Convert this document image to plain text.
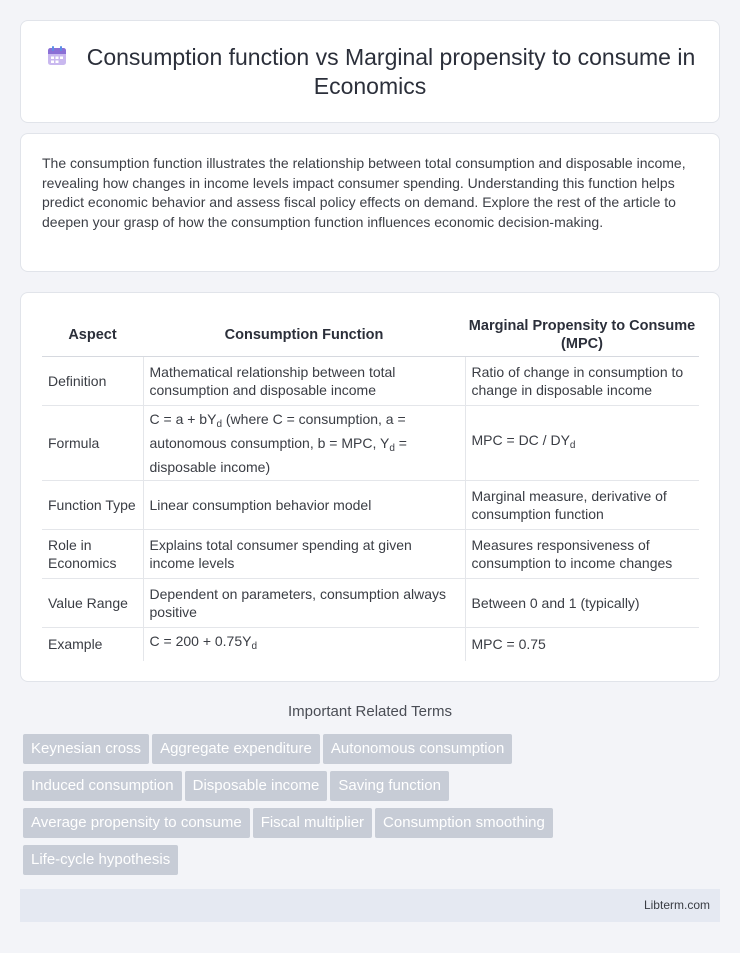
Consumption function vs Marginal propensity to consume in Economics

The consumption function illustrates the relationship between total consumption and disposable income, revealing how changes in income levels impact consumer spending. Understanding this function helps predict economic behavior and assess fiscal policy effects on demand. Explore the rest of the article to deepen your grasp of how the consumption function influences economic decision-making.

Aspect	Consumption Function	Marginal Propensity to Consume (MPC)
Definition	Mathematical relationship between total consumption and disposable income	Ratio of change in consumption to change in disposable income
Formula	$C = a + bY_d$ (where C = consumption, a = autonomous consumption, b = MPC, $Y_d$ = disposable income)	MPC = DC / $DY_d$
Function Type	Linear consumption behavior model	Marginal measure, derivative of consumption function
Role in Economics	Explains total consumer spending at given income levels	Measures responsiveness of consumption to income changes
Value Range	Dependent on parameters, consumption always positive	Between 0 and 1 (typically)
Example	$C = 200 + 0.75Y_d$	MPC = 0.75
Important Related Terms
Keynesian cross Aggregate expenditure Autonomous consumptionInduced consumption Disposable income Saving functionAverage propensity to consume Fiscal multiplier Consumption smoothingLife-cycle hypothesis
Libterm.com
